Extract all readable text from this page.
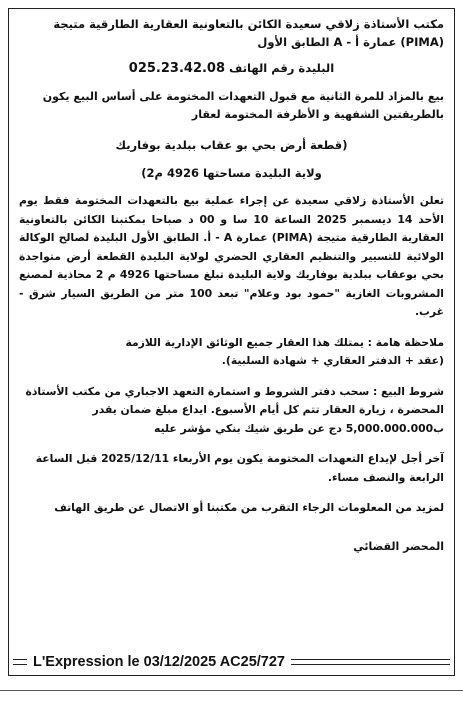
مكتب الأستاذة زلاقي سعيدة الكائن بالتعاونية العقارية الطارقية متيجة (PIMA) عمارة أ - A الطابق الأول
البليدة رقم الهاتف 025.23.42.08
بيع بالمزاد للمرة الثانية مع قبول التعهدات المختومة على أساس البيع يكون بالطريقتين الشفهية و الأظرفة المختومة لعقار
(قطعة أرض بحي بو عقاب ببلدية بوفاريك
ولاية البليدة مساحتها 4926 م2)
تعلن الأستاذة زلاقي سعيدة عن إجراء عملية بيع بالتعهدات المختومة فقط يوم الأحد 14 ديسمبر 2025 الساعة 10 سا و 00 د صباحا بمكتبنا الكائن بالتعاونية العقارية الطارقية متيجة (PIMA) عمارة A - أ. الطابق الأول البليدة لصالح الوكالة الولائية للتسيير والتنظيم العقاري الحضري لولاية البليدة القطعة أرض متواجدة بحي بوعقاب ببلدية بوفاريك ولاية البليدة تبلغ مساحتها 4926 م 2 محاذية لمصنع المشروبات الغازية "حمود بود وعلام" تبعد 100 متر من الطريق السيار شرق - غرب.
ملاحظة هامة : يمتلك هذا العقار جميع الوثائق الإدارية اللازمة
(عقد + الدفتر العقاري + شهادة السلبية).
شروط البيع : سحب دفتر الشروط و استمارة التعهد الاجباري من مكتب الأستاذة المحضرة ، زيارة العقار تتم كل أيام الأسبوع. ايداع مبلغ ضمان يقدر ب5,000.000.000 دج عن طريق شيك بنكي مؤشر عليه
آخر أجل لإيداع التعهدات المختومة يكون يوم الأربعاء 2025/12/11 قبل الساعة الرابعة والنصف مساء.
لمزيد من المعلومات الرجاء التقرب من مكتبنا أو الاتصال عن طريق الهاتف
المحضر القضائي
L'Expression le 03/12/2025 AC25/727
